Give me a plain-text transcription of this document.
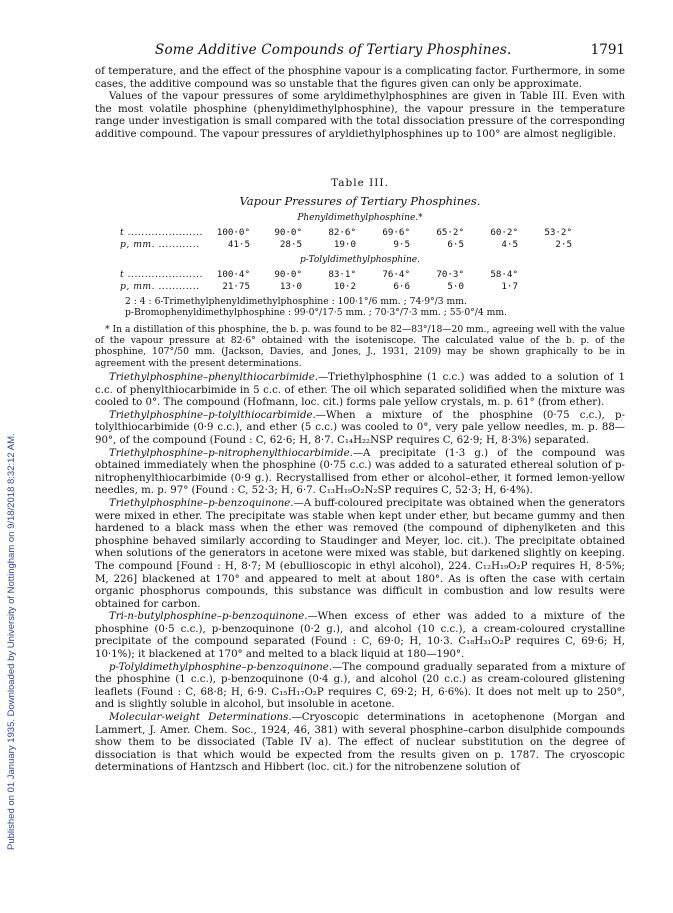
Published on 01 January 1935. Downloaded by University of Nottingham on 9/18/2018 8:32:12 AM.
Some Additive Compounds of Tertiary Phosphines.	1791

of temperature, and the effect of the phosphine vapour is a complicating factor. Furthermore, in some cases, the additive compound was so unstable that the figures given can only be approximate.

Values of the vapour pressures of some aryldimethylphosphines are given in Table III. Even with the most volatile phosphine (phenyldimethylphosphine), the vapour pressure in the temperature range under investigation is small compared with the total dissociation pressure of the corresponding additive compound. The vapour pressures of aryldiethylphosphines up to 100° are almost negligible.

Table III.
Vapour Pressures of Tertiary Phosphines.
Phenyldimethylphosphine.*
t ......................	100·0°	90·0°	82·6°	69·6°	65·2°	60·2°	53·2°
p, mm. ............	41·5	28·5	19·0	9·5	6·5	4·5	2·5
p-Tolyldimethylphosphine.
t ......................	100·4°	90·0°	83·1°	76·4°	70·3°	58·4°
p, mm. ............	21·75	13·0	10·2	6·6	5·0	1·7
2 : 4 : 6-Trimethylphenyldimethylphosphine : 100·1°/6 mm. ; 74·9°/3 mm.
p-Bromophenyldimethylphosphine : 99·0°/17·5 mm. ; 70·3°/7·3 mm. ; 55·0°/4 mm.

* In a distillation of this phosphine, the b. p. was found to be 82—83°/18—20 mm., agreeing well with the value of the vapour pressure at 82·6° obtained with the isoteniscope. The calculated value of the b. p. of the phosphine, 107°/50 mm. (Jackson, Davies, and Jones, J., 1931, 2109) may be shown graphically to be in agreement with the present determinations.

Triethylphosphine–phenylthiocarbimide.—Triethylphosphine (1 c.c.) was added to a solution of 1 c.c. of phenylthiocarbimide in 5 c.c. of ether. The oil which separated solidified when the mixture was cooled to 0°. The compound (Hofmann, loc. cit.) forms pale yellow crystals, m. p. 61° (from ether).

Triethylphosphine–p-tolylthiocarbimide.—When a mixture of the phosphine (0·75 c.c.), p-tolylthiocarbimide (0·9 c.c.), and ether (5 c.c.) was cooled to 0°, very pale yellow needles, m. p. 88—90°, of the compound (Found : C, 62·6; H, 8·7. C₁₄H₂₂NSP requires C, 62·9; H, 8·3%) separated.

Triethylphosphine–p-nitrophenylthiocarbimide.—A precipitate (1·3 g.) of the compound was obtained immediately when the phosphine (0·75 c.c.) was added to a saturated ethereal solution of p-nitrophenylthiocarbimide (0·9 g.). Recrystallised from ether or alcohol–ether, it formed lemon-yellow needles, m. p. 97° (Found : C, 52·3; H, 6·7. C₁₃H₁₉O₂N₂SP requires C, 52·3; H, 6·4%).

Triethylphosphine–p-benzoquinone.—A buff-coloured precipitate was obtained when the generators were mixed in ether. The precipitate was stable when kept under ether, but became gummy and then hardened to a black mass when the ether was removed (the compound of diphenylketen and this phosphine behaved similarly according to Staudinger and Meyer, loc. cit.). The precipitate obtained when solutions of the generators in acetone were mixed was stable, but darkened slightly on keeping. The compound [Found : H, 8·7; M (ebullioscopic in ethyl alcohol), 224. C₁₂H₁₉O₂P requires H, 8·5%; M, 226] blackened at 170° and appeared to melt at about 180°. As is often the case with certain organic phosphorus compounds, this substance was difficult in combustion and low results were obtained for carbon.

Tri-n-butylphosphine–p-benzoquinone.—When excess of ether was added to a mixture of the phosphine (0·5 c.c.), p-benzoquinone (0·2 g.), and alcohol (10 c.c.), a cream-coloured crystalline precipitate of the compound separated (Found : C, 69·0; H, 10·3. C₁₈H₃₁O₂P requires C, 69·6; H, 10·1%); it blackened at 170° and melted to a black liquid at 180—190°.

p-Tolyldimethylphosphine–p-benzoquinone.—The compound gradually separated from a mixture of the phosphine (1 c.c.), p-benzoquinone (0·4 g.), and alcohol (20 c.c.) as cream-coloured glistening leaflets (Found : C, 68·8; H, 6·9. C₁₅H₁₇O₂P requires C, 69·2; H, 6·6%). It does not melt up to 250°, and is slightly soluble in alcohol, but insoluble in acetone.

Molecular-weight Determinations.—Cryoscopic determinations in acetophenone (Morgan and Lammert, J. Amer. Chem. Soc., 1924, 46, 381) with several phosphine–carbon disulphide compounds show them to be dissociated (Table IV a). The effect of nuclear substitution on the degree of dissociation is that which would be expected from the results given on p. 1787. The cryoscopic determinations of Hantzsch and Hibbert (loc. cit.) for the nitrobenzene solution of
